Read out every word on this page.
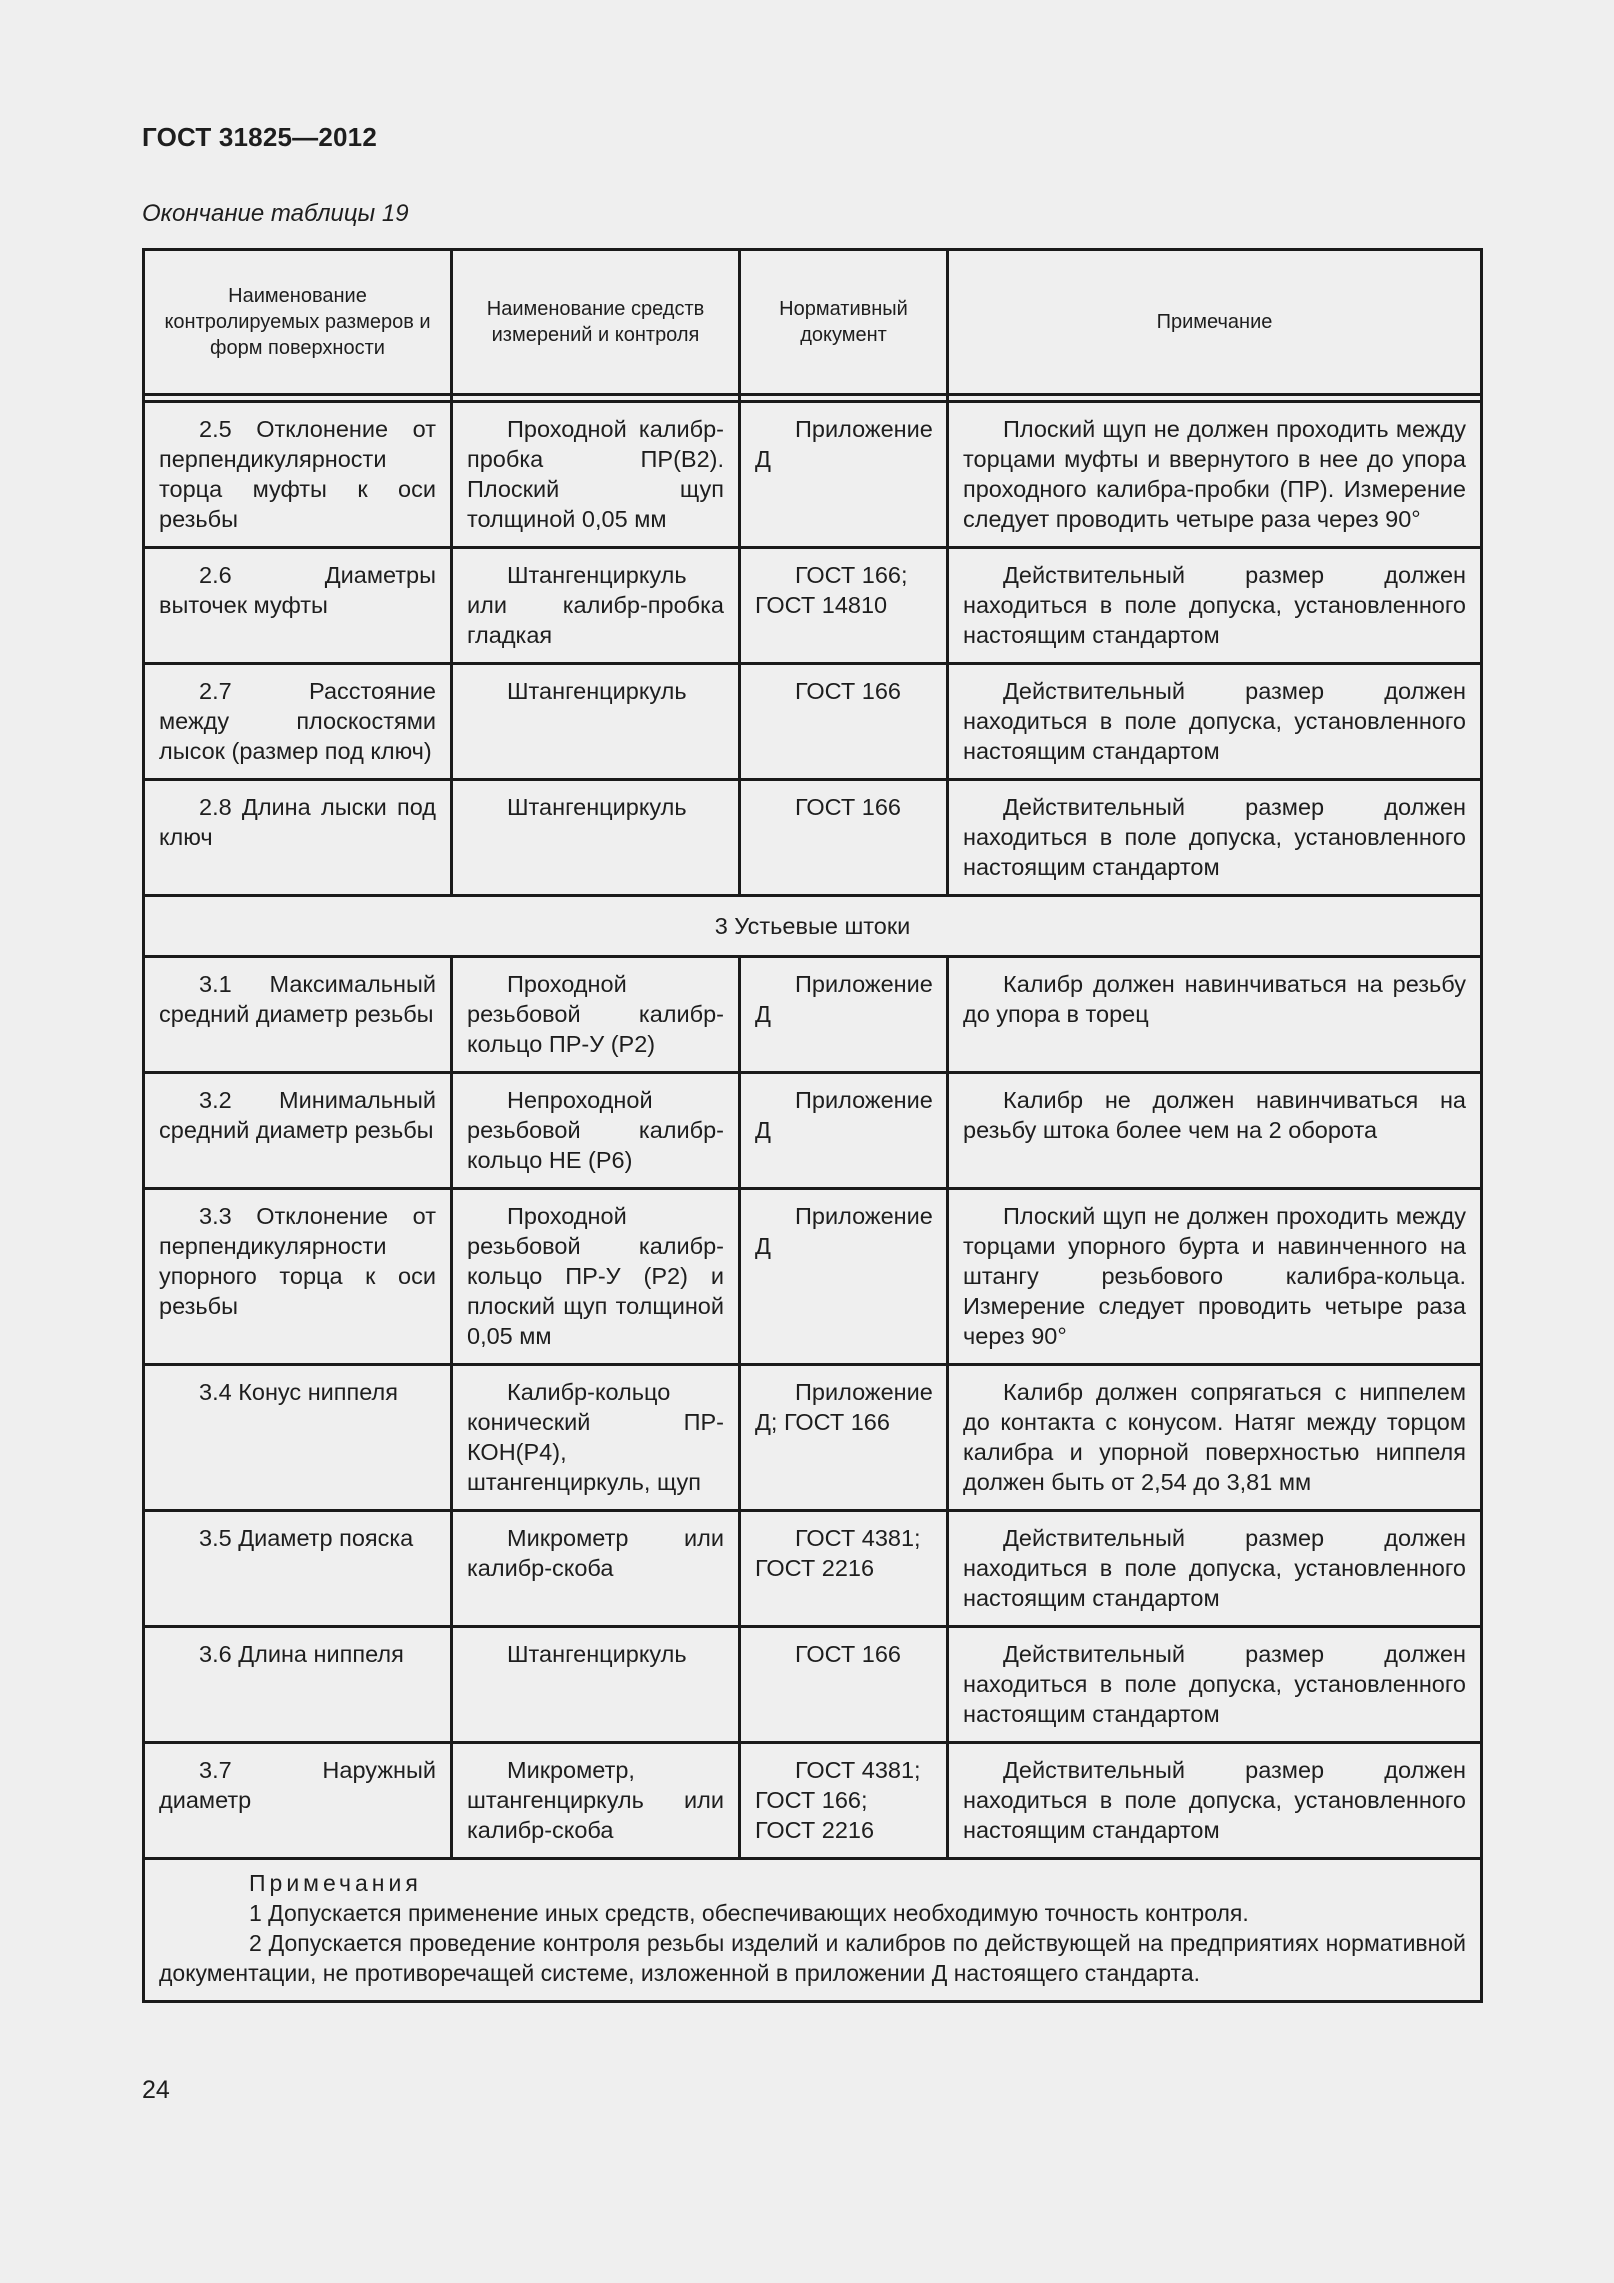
ГОСТ 31825—2012
Окончание таблицы 19
Наименование контролируемых размеров и форм поверхности	Наименование средств измерений и контроля	Нормативный документ	Примечание

2.5 Отклонение от перпендикулярности торца муфты к оси резьбы	Проходной калибр-пробка ПР(В2). Плоский щуп толщиной 0,05 мм	Приложение Д	Плоский щуп не должен проходить между торцами муфты и ввернутого в нее до упора проходного калибра-пробки (ПР). Измерение следует проводить четыре раза через 90°
2.6 Диаметры выточек муфты	Штангенциркуль или калибр-пробка гладкая	ГОСТ 166; ГОСТ 14810	Действительный размер должен находиться в поле допуска, установленного настоящим стандартом
2.7 Расстояние между плоскостями лысок (размер под ключ)	Штангенциркуль	ГОСТ 166	Действительный размер должен находиться в поле допуска, установленного настоящим стандартом
2.8 Длина лыски под ключ	Штангенциркуль	ГОСТ 166	Действительный размер должен находиться в поле допуска, установленного настоящим стандартом
3 Устьевые штоки			
3.1 Максимальный средний диаметр резьбы	Проходной резьбовой калибр-кольцо ПР-У (Р2)	Приложение Д	Калибр должен навинчиваться на резьбу до упора в торец
3.2 Минимальный средний диаметр резьбы	Непроходной резьбовой калибр-кольцо НЕ (Р6)	Приложение Д	Калибр не должен навинчиваться на резьбу штока более чем на 2 оборота
3.3 Отклонение от перпендикулярности упорного торца к оси резьбы	Проходной резьбовой калибр-кольцо ПР-У (Р2) и плоский щуп толщиной 0,05 мм	Приложение Д	Плоский щуп не должен проходить между торцами упорного бурта и навинченного на штангу резьбового калибра-кольца. Измерение следует проводить четыре раза через 90°
3.4 Конус ниппеля	Калибр-кольцо конический ПР-КОН(Р4), штангенциркуль, щуп	Приложение Д; ГОСТ 166	Калибр должен сопрягаться с ниппелем до контакта с конусом. Натяг между торцом калибра и упорной поверхностью ниппеля должен быть от 2,54 до 3,81 мм
3.5 Диаметр пояска	Микрометр или калибр-скоба	ГОСТ 4381; ГОСТ 2216	Действительный размер должен находиться в поле допуска, установленного настоящим стандартом
3.6 Длина ниппеля	Штангенциркуль	ГОСТ 166	Действительный размер должен находиться в поле допуска, установленного настоящим стандартом
3.7 Наружный диаметр	Микрометр, штангенциркуль или калибр-скоба	ГОСТ 4381; ГОСТ 166; ГОСТ 2216	Действительный размер должен находиться в поле допуска, установленного настоящим стандартом

Примечания
1 Допускается применение иных средств, обеспечивающих необходимую точность контроля.
2 Допускается проведение контроля резьбы изделий и калибров по действующей на предприятиях нормативной документации, не противоречащей системе, изложенной в приложении Д настоящего стандарта.			
24
